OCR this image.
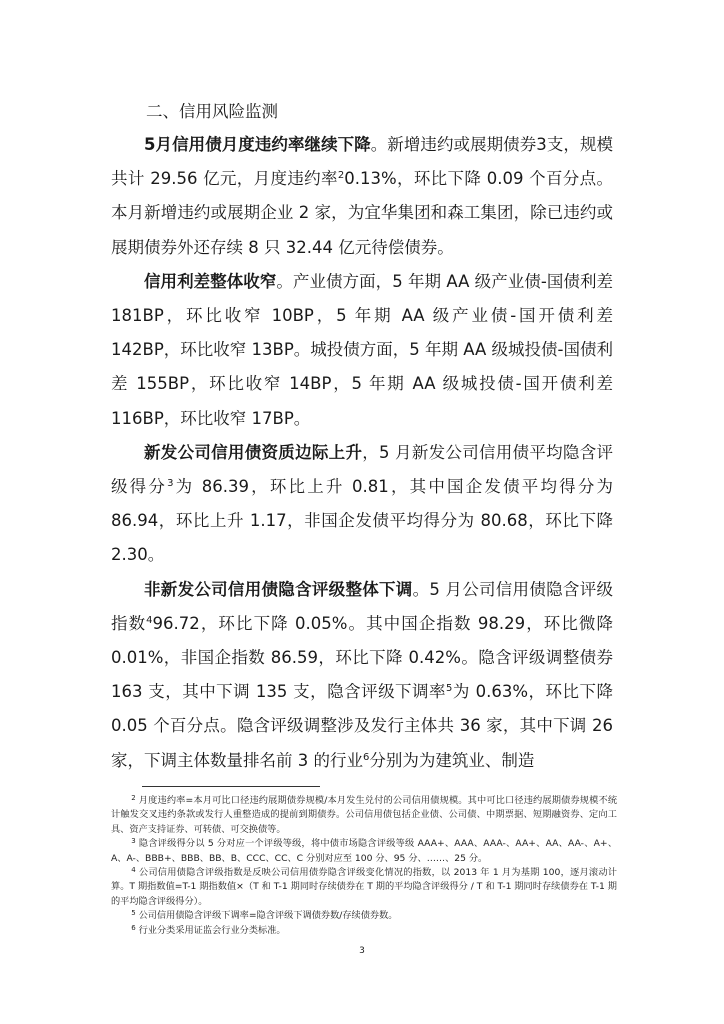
二、信用风险监测

5月信用债月度违约率继续下降。新增违约或展期债券3支，规模共计 29.56 亿元，月度违约率$^2$0.13%，环比下降 0.09 个百分点。本月新增违约或展期企业 2 家，为宜华集团和森工集团，除已违约或展期债券外还存续 8 只 32.44 亿元待偿债券。

信用利差整体收窄。产业债方面，5 年期 AA 级产业债-国债利差 181BP，环比收窄 10BP，5 年期 AA 级产业债-国开债利差 142BP，环比收窄 13BP。城投债方面，5 年期 AA 级城投债-国债利差 155BP，环比收窄 14BP，5 年期 AA 级城投债-国开债利差 116BP，环比收窄 17BP。

新发公司信用债资质边际上升，5 月新发公司信用债平均隐含评级得分$^3$为 86.39，环比上升 0.81，其中国企发债平均得分为 86.94，环比上升 1.17，非国企发债平均得分为 80.68，环比下降 2.30。

非新发公司信用债隐含评级整体下调。5 月公司信用债隐含评级指数$^4$96.72，环比下降 0.05%。其中国企指数 98.29，环比微降 0.01%，非国企指数 86.59，环比下降 0.42%。隐含评级调整债券 163 支，其中下调 135 支，隐含评级下调率$^5$为 0.63%，环比下降 0.05 个百分点。隐含评级调整涉及发行主体共 36 家，其中下调 26 家，下调主体数量排名前 3 的行业$^6$分别为为建筑业、制造

$^2$ 月度违约率=本月可比口径违约展期债券规模/本月发生兑付的公司信用债规模。其中可比口径违约展期债券规模不统计触发交叉违约条款或发行人重整造成的提前到期债券。公司信用债包括企业债、公司债、中期票据、短期融资券、定向工具、资产支持证券、可转债、可交换债等。

$^3$ 隐含评级得分以 5 分对应一个评级等级，将中债市场隐含评级等级 AAA+、AAA、AAA-、AA+、AA、AA-、A+、A、A-、BBB+、BBB、BB、B、CCC、CC、C 分别对应至 100 分、95 分、……、25 分。

$^4$ 公司信用债隐含评级指数是反映公司信用债券隐含评级变化情况的指数，以 2013 年 1 月为基期 100，逐月滚动计算。T 期指数值=T-1 期指数值×（T 和 T-1 期同时存续债券在 T 期的平均隐含评级得分 / T 和 T-1 期同时存续债券在 T-1 期的平均隐含评级得分）。

$^5$ 公司信用债隐含评级下调率=隐含评级下调债券数/存续债券数。

$^6$ 行业分类采用证监会行业分类标准。

3
